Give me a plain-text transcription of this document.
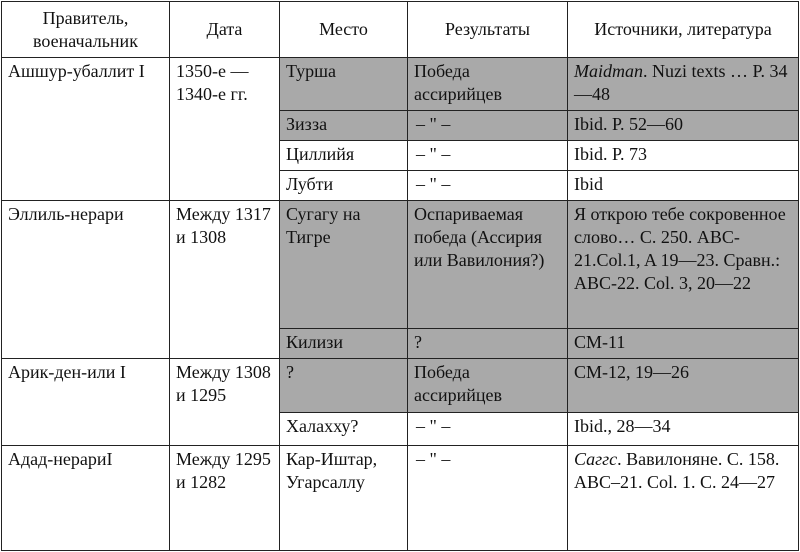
Правитель, военачальник	Дата	Место	Результаты	Источники, литература
Ашшур-убаллит I	1350-е — 1340-е гг.	Турша	Победа ассирийцев	Maidman. Nuzi texts … P. 34—48
		Зизза	– " –	Ibid. P. 52—60
		Циллийя	– " –	Ibid. P. 73
		Лубти	– " –	Ibid
Эллиль-нерари	Между 1317 и 1308	Сугагу на Тигре	Оспариваемая победа (Ассирия или Вавилония?)	Я открою тебе сокровенное слово… С. 250. ABC-21.Col.1, A 19—23. Сравн.: ABC-22. Col. 3, 20—22
		Килизи	?	CM-11
Арик-ден-или I	Между 1308 и 1295	?	Победа ассирийцев	CM-12, 19—26
		Халахху?	– " –	Ibid., 28—34
Адад-нерариI	Между 1295 и 1282	Кар-Иштар, Угарсаллу	– " –	Саггс. Вавилоняне. С. 158. ABC–21. Col. 1. C. 24—27
